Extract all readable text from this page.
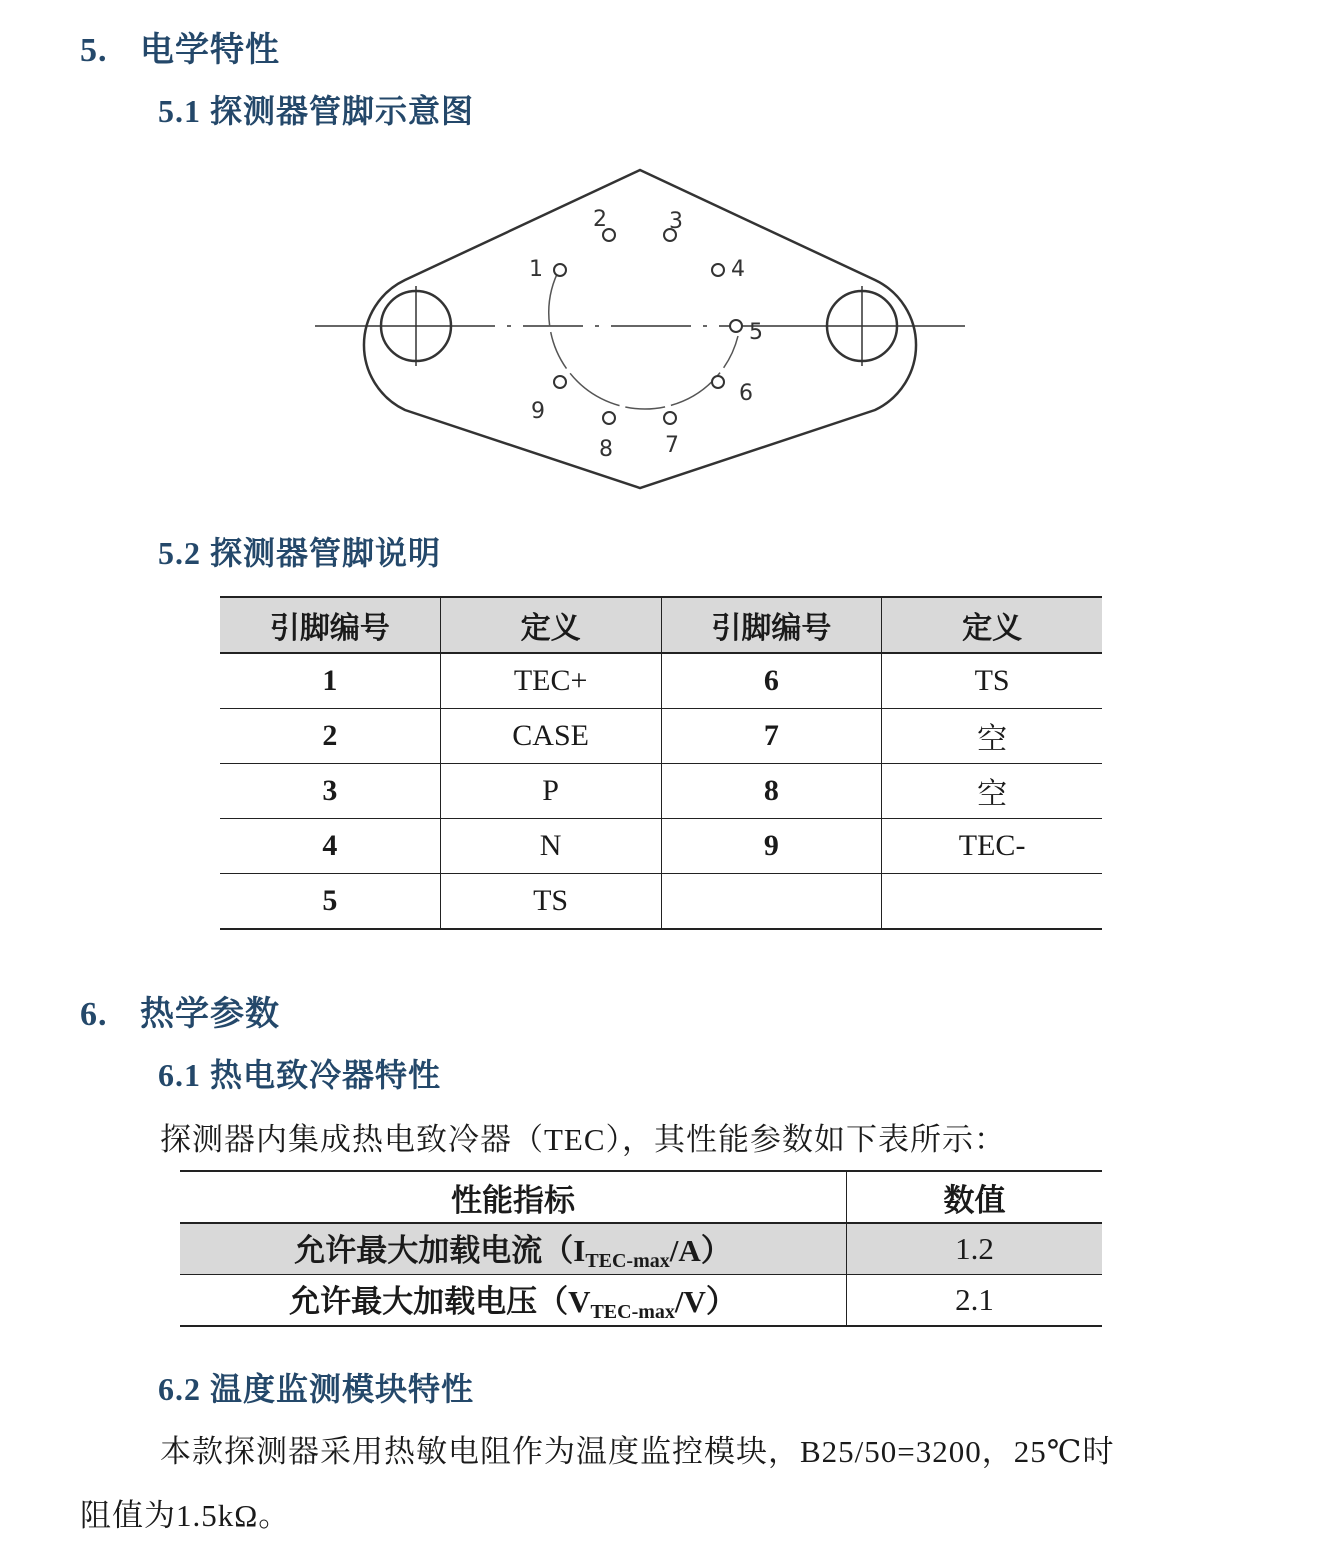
5. 电学特性
5.1 探测器管脚示意图
1
2	3
4
5
6
7
8
9
5.2 探测器管脚说明
引脚编号	定义	引脚编号	定义
1	TEC+	6	TS
2	CASE	7	空
3	P	8	空
4	N	9	TEC-
5	TS		
6. 热学参数
6.1 热电致冷器特性
探测器内集成热电致冷器（TEC），其性能参数如下表所示：
性能指标	数值
允许最大加载电流$(I_{TEC-max}/A)$	1.2
允许最大加载电压$(V_{TEC-max}/V)$	2.1
6.2 温度监测模块特性
本款探测器采用热敏电阻作为温度监控模块，B25/50=3200，25℃时
阻值为1.5kΩ。
